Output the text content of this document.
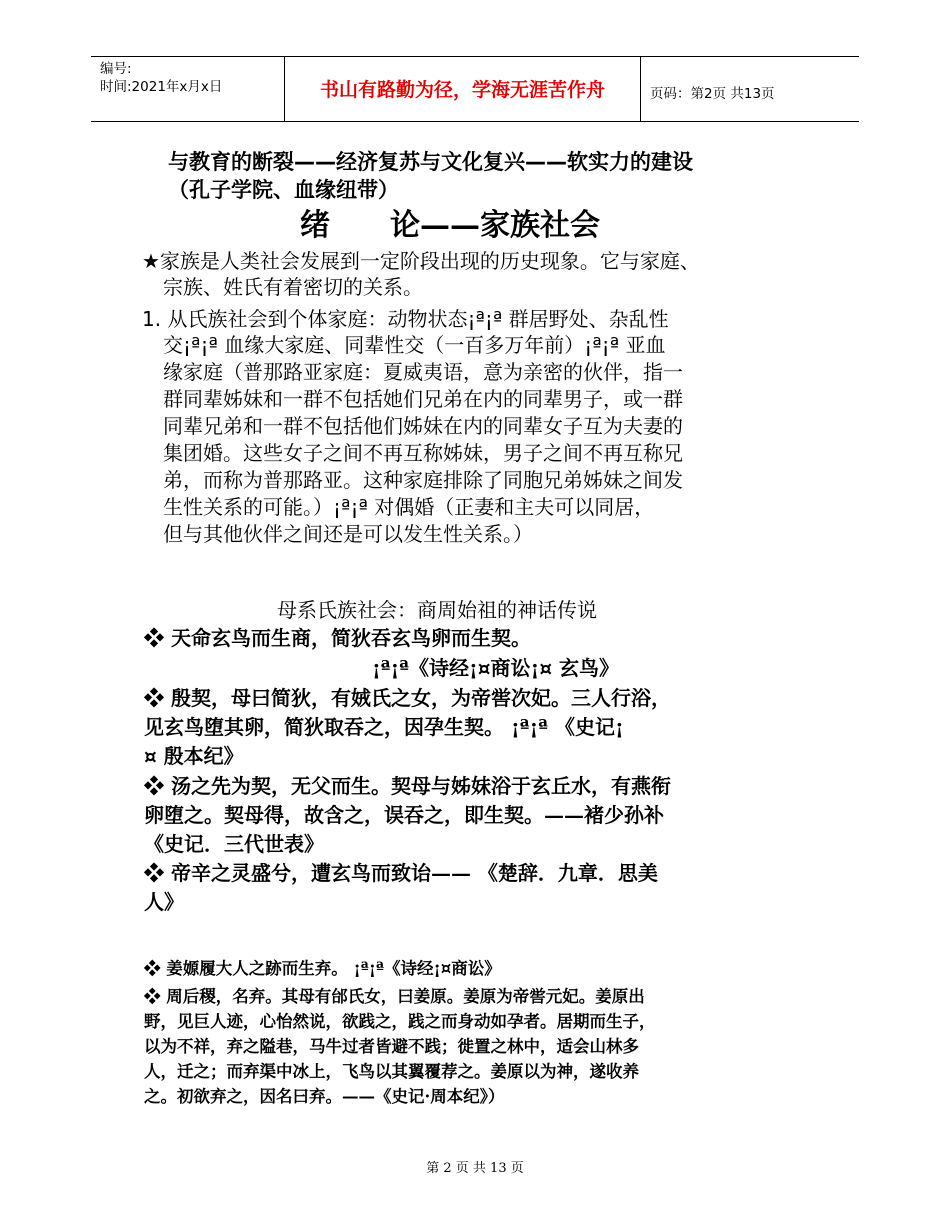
编号:
时间:2021年x月x日	书山有路勤为径，学海无涯苦作舟	页码：第2页 共13页
与教育的断裂——经济复苏与文化复兴——软实力的建设
（孔子学院、血缘纽带）
绪　　论——家族社会
★家族是人类社会发展到一定阶段出现的历史现象。它与家庭、
宗族、姓氏有着密切的关系。
1. 从氏族社会到个体家庭：动物状态¡ª¡ª 群居野处、杂乱性
交¡ª¡ª 血缘大家庭、同辈性交（一百多万年前）¡ª¡ª 亚血
缘家庭（普那路亚家庭：夏威夷语，意为亲密的伙伴，指一
群同辈姊妹和一群不包括她们兄弟在内的同辈男子，或一群
同辈兄弟和一群不包括他们姊妹在内的同辈女子互为夫妻的
集团婚。这些女子之间不再互称姊妹，男子之间不再互称兄
弟，而称为普那路亚。这种家庭排除了同胞兄弟姊妹之间发
生性关系的可能。）¡ª¡ª 对偶婚（正妻和主夫可以同居，
但与其他伙伴之间还是可以发生性关系。）
母系氏族社会：商周始祖的神话传说
❖ 天命玄鸟而生商，简狄吞玄鸟卵而生契。
¡ª¡ª《诗经¡¤商讼¡¤ 玄鸟》
❖ 殷契，母曰简狄，有娀氏之女，为帝喾次妃。三人行浴，
见玄鸟堕其卵，简狄取吞之，因孕生契。 ¡ª¡ª 《史记¡
¤ 殷本纪》
❖ 汤之先为契，无父而生。契母与姊妹浴于玄丘水，有燕衔
卵堕之。契母得，故含之，误吞之，即生契。——褚少孙补
《史记．三代世表》
❖ 帝辛之灵盛兮，遭玄鸟而致诒—— 《楚辞．九章．思美
人》
❖ 姜嫄履大人之跡而生弃。 ¡ª¡ª《诗经¡¤商讼》
❖ 周后稷，名弃。其母有邰氏女，曰姜原。姜原为帝喾元妃。姜原出
野，见巨人迹，心怡然说，欲践之，践之而身动如孕者。居期而生子，
以为不祥，弃之隘巷，马牛过者皆避不践；徙置之林中，适会山林多
人，迁之；而弃渠中冰上，飞鸟以其翼覆荐之。姜原以为神，遂收养
之。初欲弃之，因名曰弃。——《史记·周本纪》）
第 2 页 共 13 页
